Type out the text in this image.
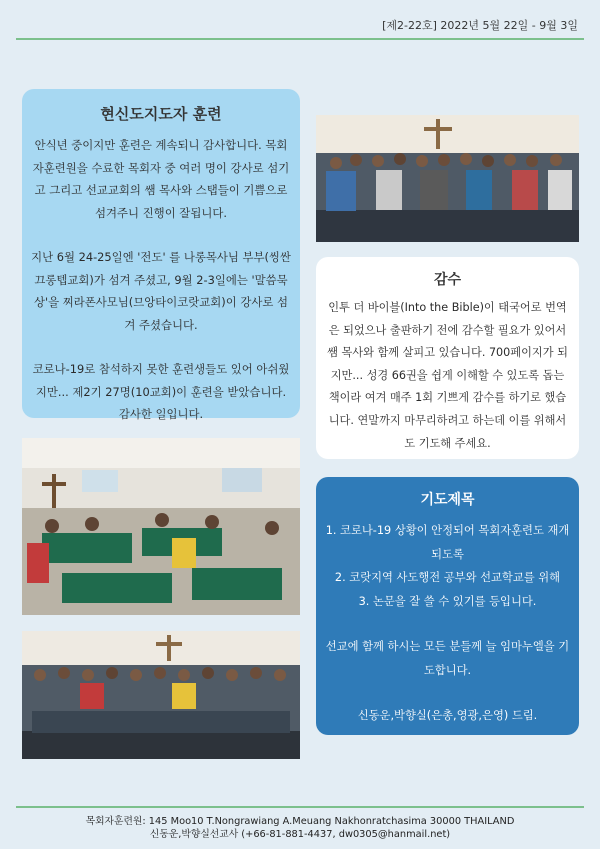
[제2-22호] 2022년 5월 22일 - 9월 3일
현신도지도자 훈련

안식년 중이지만 훈련은 계속되니 감사합니다. 목회자훈련원을 수료한 목회자 중 여러 명이 강사로 섬기고 그리고 선교교회의 쌤 목사와 스탭들이 기쁨으로 섬겨주니 진행이 잘됩니다.

지난 6월 24-25일엔 '전도' 를 나롱목사님 부부(씽싼끄롱텝교회)가 섬겨 주셨고, 9월 2-3일에는 '말씀묵상'을 찌라폰사모님(므앙타이코랏교회)이 강사로 섬겨 주셨습니다.

코로나-19로 참석하지 못한 훈련생들도 있어 아쉬웠지만... 제2기 27명(10교회)이 훈련을 받았습니다. 감사한 일입니다.

감수

인투 더 바이블(Into the Bible)이 태국어로 번역은 되었으나 출판하기 전에 감수할 필요가 있어서 쌤 목사와 함께 살피고 있습니다. 700페이지가 되지만... 성경 66권을 쉽게 이해할 수 있도록 돕는 책이라 여겨 매주 1회 기쁘게 감수를 하기로 했습니다. 연말까지 마무리하려고 하는데 이를 위해서도 기도해 주세요.

기도제목

1. 코로나-19 상황이 안정되어 목회자훈련도 재개되도록
2. 코랏지역 사도행전 공부와 선교학교를 위해
3. 논문을 잘 쓸 수 있기를 등입니다.

선교에 함께 하시는 모든 분들께 늘 임마누엘을 기도합니다.

신동운,박향실(은총,영광,은영) 드림.

목회자훈련원: 145 Moo10 T.Nongrawiang A.Meuang Nakhonratchasima 30000 THAILAND
신동운,박향실선교사 (+66-81-881-4437, dw0305@hanmail.net)
